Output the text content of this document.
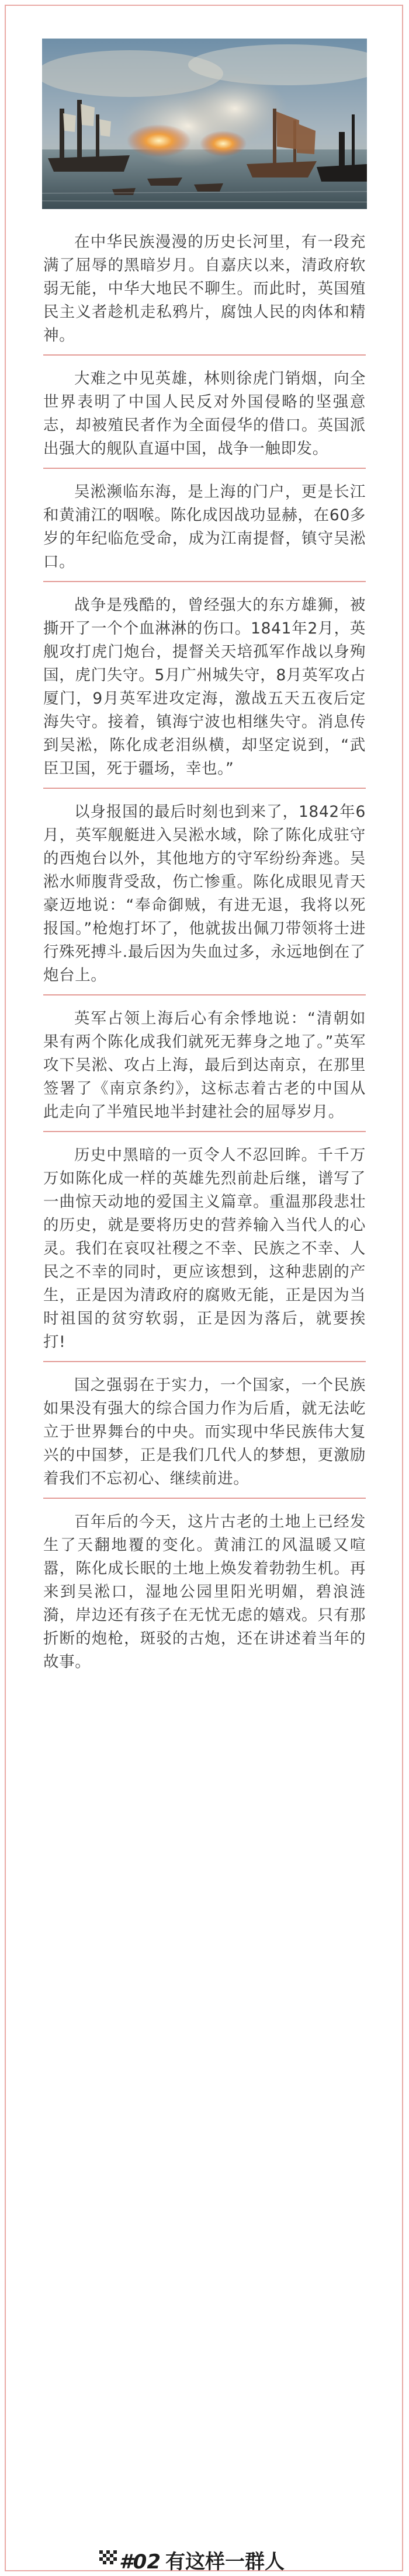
在中华民族漫漫的历史长河里，有一段充满了屈辱的黑暗岁月。自嘉庆以来，清政府软弱无能，中华大地民不聊生。而此时，英国殖民主义者趁机走私鸦片，腐蚀人民的肉体和精神。

大难之中见英雄，林则徐虎门销烟，向全世界表明了中国人民反对外国侵略的坚强意志，却被殖民者作为全面侵华的借口。英国派出强大的舰队直逼中国，战争一触即发。

吴淞濒临东海，是上海的门户，更是长江和黄浦江的咽喉。陈化成因战功显赫，在60多岁的年纪临危受命，成为江南提督，镇守吴淞口。

战争是残酷的，曾经强大的东方雄狮，被撕开了一个个血淋淋的伤口。1841年2月，英舰攻打虎门炮台，提督关天培孤军作战以身殉国，虎门失守。5月广州城失守，8月英军攻占厦门，9月英军进攻定海，激战五天五夜后定海失守。接着，镇海宁波也相继失守。消息传到吴淞，陈化成老泪纵横，却坚定说到，“武臣卫国，死于疆场，幸也。”

以身报国的最后时刻也到来了，1842年6月，英军舰艇进入吴淞水域，除了陈化成驻守的西炮台以外，其他地方的守军纷纷奔逃。吴淞水师腹背受敌，伤亡惨重。陈化成眼见青天豪迈地说：“奉命御贼，有进无退，我将以死报国。”枪炮打坏了，他就拔出佩刀带领将士进行殊死搏斗.最后因为失血过多，永远地倒在了炮台上。

英军占领上海后心有余悸地说：“清朝如果有两个陈化成我们就死无葬身之地了。”英军攻下吴淞、攻占上海，最后到达南京，在那里签署了《南京条约》，这标志着古老的中国从此走向了半殖民地半封建社会的屈辱岁月。

历史中黑暗的一页令人不忍回眸。千千万万如陈化成一样的英雄先烈前赴后继，谱写了一曲惊天动地的爱国主义篇章。重温那段悲壮的历史，就是要将历史的营养输入当代人的心灵。我们在哀叹社稷之不幸、民族之不幸、人民之不幸的同时，更应该想到，这种悲剧的产生，正是因为清政府的腐败无能，正是因为当时祖国的贫穷软弱，正是因为落后，就要挨打!

国之强弱在于实力，一个国家，一个民族如果没有强大的综合国力作为后盾，就无法屹立于世界舞台的中央。而实现中华民族伟大复兴的中国梦，正是我们几代人的梦想，更激励着我们不忘初心、继续前进。

百年后的今天，这片古老的土地上已经发生了天翻地覆的变化。黄浦江的风温暖又喧嚣，陈化成长眠的土地上焕发着勃勃生机。再来到吴淞口，湿地公园里阳光明媚，碧浪涟漪，岸边还有孩子在无忧无虑的嬉戏。只有那折断的炮枪，斑驳的古炮，还在讲述着当年的故事。

#02 有这样一群人
